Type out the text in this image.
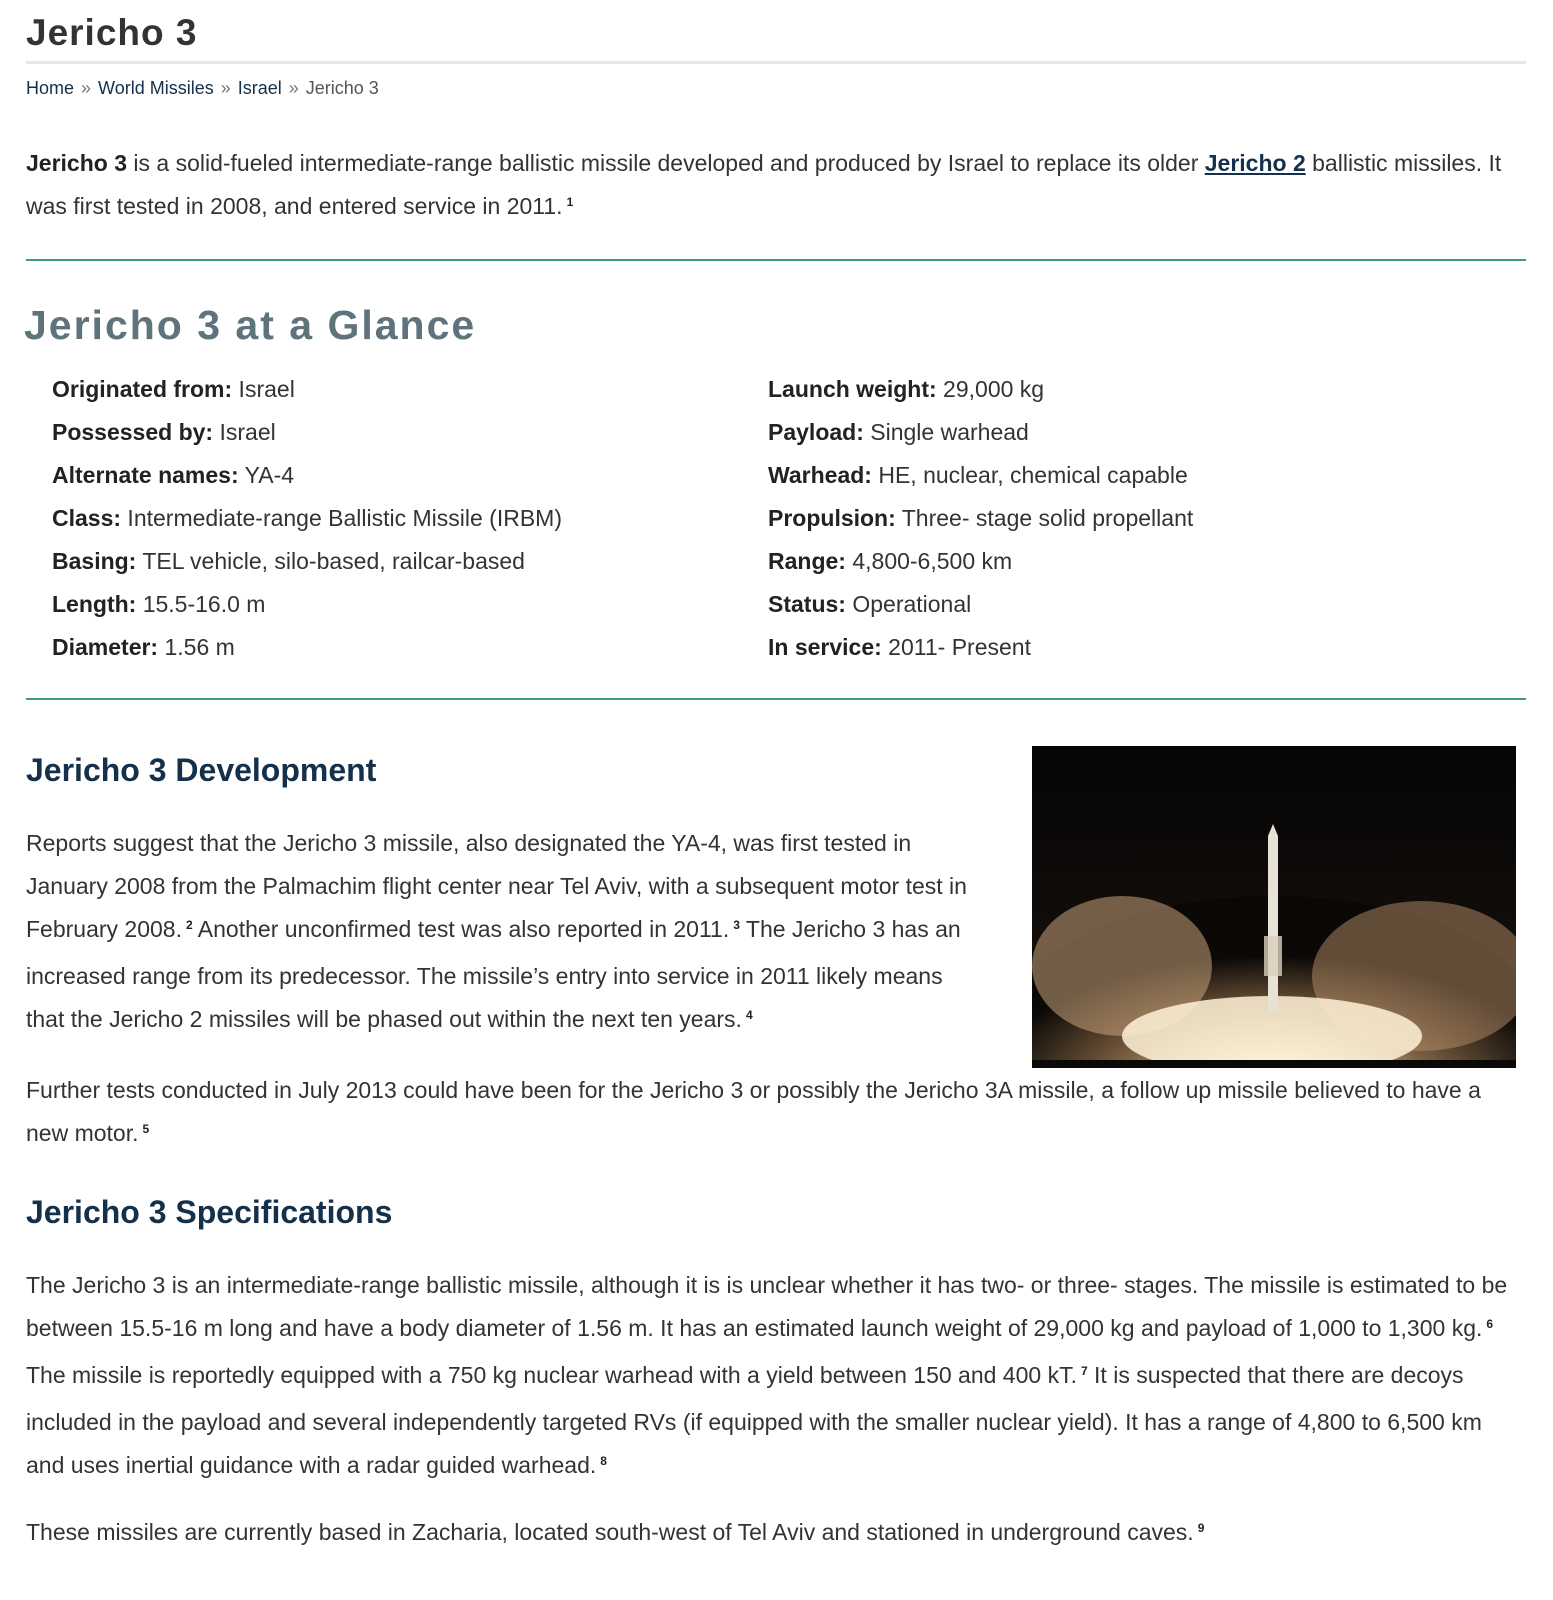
Jericho 3
Home » World Missiles » Israel » Jericho 3

Jericho 3 is a solid-fueled intermediate-range ballistic missile developed and produced by Israel to replace its older Jericho 2 ballistic missiles. It was first tested in 2008, and entered service in 2011. $^1$

Jericho 3 at a Glance
Originated from: Israel
Possessed by: Israel
Alternate names: YA-4
Class: Intermediate-range Ballistic Missile (IRBM)
Basing: TEL vehicle, silo-based, railcar-based
Length: 15.5-16.0 m
Diameter: 1.56 m
Launch weight: 29,000 kg
Payload: Single warhead
Warhead: HE, nuclear, chemical capable
Propulsion: Three- stage solid propellant
Range: 4,800-6,500 km
Status: Operational
In service: 2011- Present
Jericho 3 Development

Reports suggest that the Jericho 3 missile, also designated the YA-4, was first tested in January 2008 from the Palmachim flight center near Tel Aviv, with a subsequent motor test in February 2008. $^2$ Another unconfirmed test was also reported in 2011. $^3$ The Jericho 3 has an increased range from its predecessor. The missile’s entry into service in 2011 likely means that the Jericho 2 missiles will be phased out within the next ten years. $^4$

Further tests conducted in July 2013 could have been for the Jericho 3 or possibly the Jericho 3A missile, a follow up missile believed to have a new motor. $^5$

Jericho 3 Specifications

The Jericho 3 is an intermediate-range ballistic missile, although it is is unclear whether it has two- or three- stages. The missile is estimated to be between 15.5-16 m long and have a body diameter of 1.56 m. It has an estimated launch weight of 29,000 kg and payload of 1,000 to 1,300 kg. $^6$ The missile is reportedly equipped with a 750 kg nuclear warhead with a yield between 150 and 400 kT. $^7$ It is suspected that there are decoys included in the payload and several independently targeted RVs (if equipped with the smaller nuclear yield). It has a range of 4,800 to 6,500 km and uses inertial guidance with a radar guided warhead. $^8$

These missiles are currently based in Zacharia, located south-west of Tel Aviv and stationed in underground caves. $^9$
